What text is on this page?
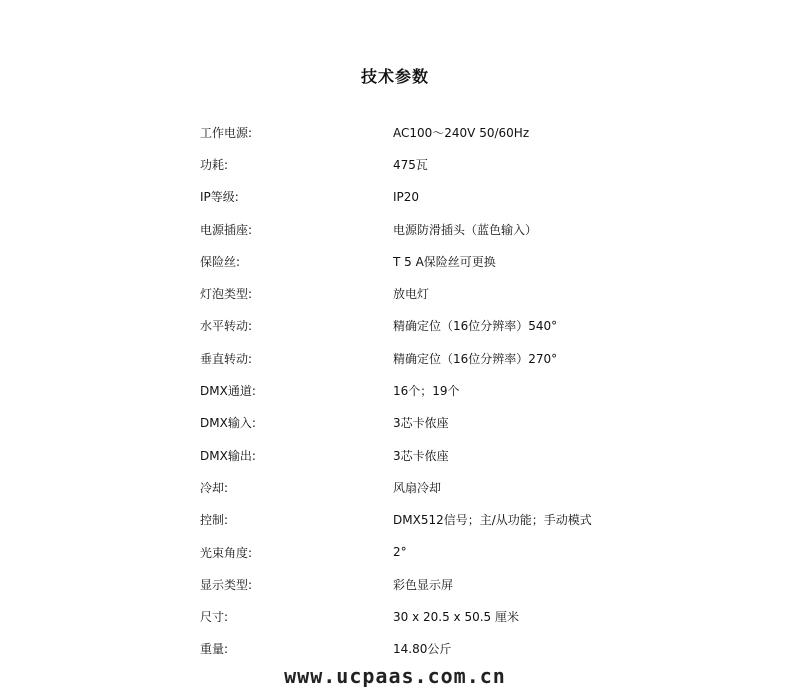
技术参数
工作电源:	AC100～240V 50/60Hz
功耗:	475瓦
IP等级:	IP20
电源插座:	电源防滑插头（蓝色输入）
保险丝:	T 5 A保险丝可更换
灯泡类型:	放电灯
水平转动:	精确定位（16位分辨率）540°
垂直转动:	精确定位（16位分辨率）270°
DMX通道:	16个；19个
DMX输入:	3芯卡侬座
DMX输出:	3芯卡侬座
冷却:	风扇冷却
控制:	DMX512信号；主/从功能；手动模式
光束角度:	2°
显示类型:	彩色显示屏
尺寸:	30 x 20.5 x 50.5 厘米
重量:	14.80公斤
www.ucpaas.com.cn
